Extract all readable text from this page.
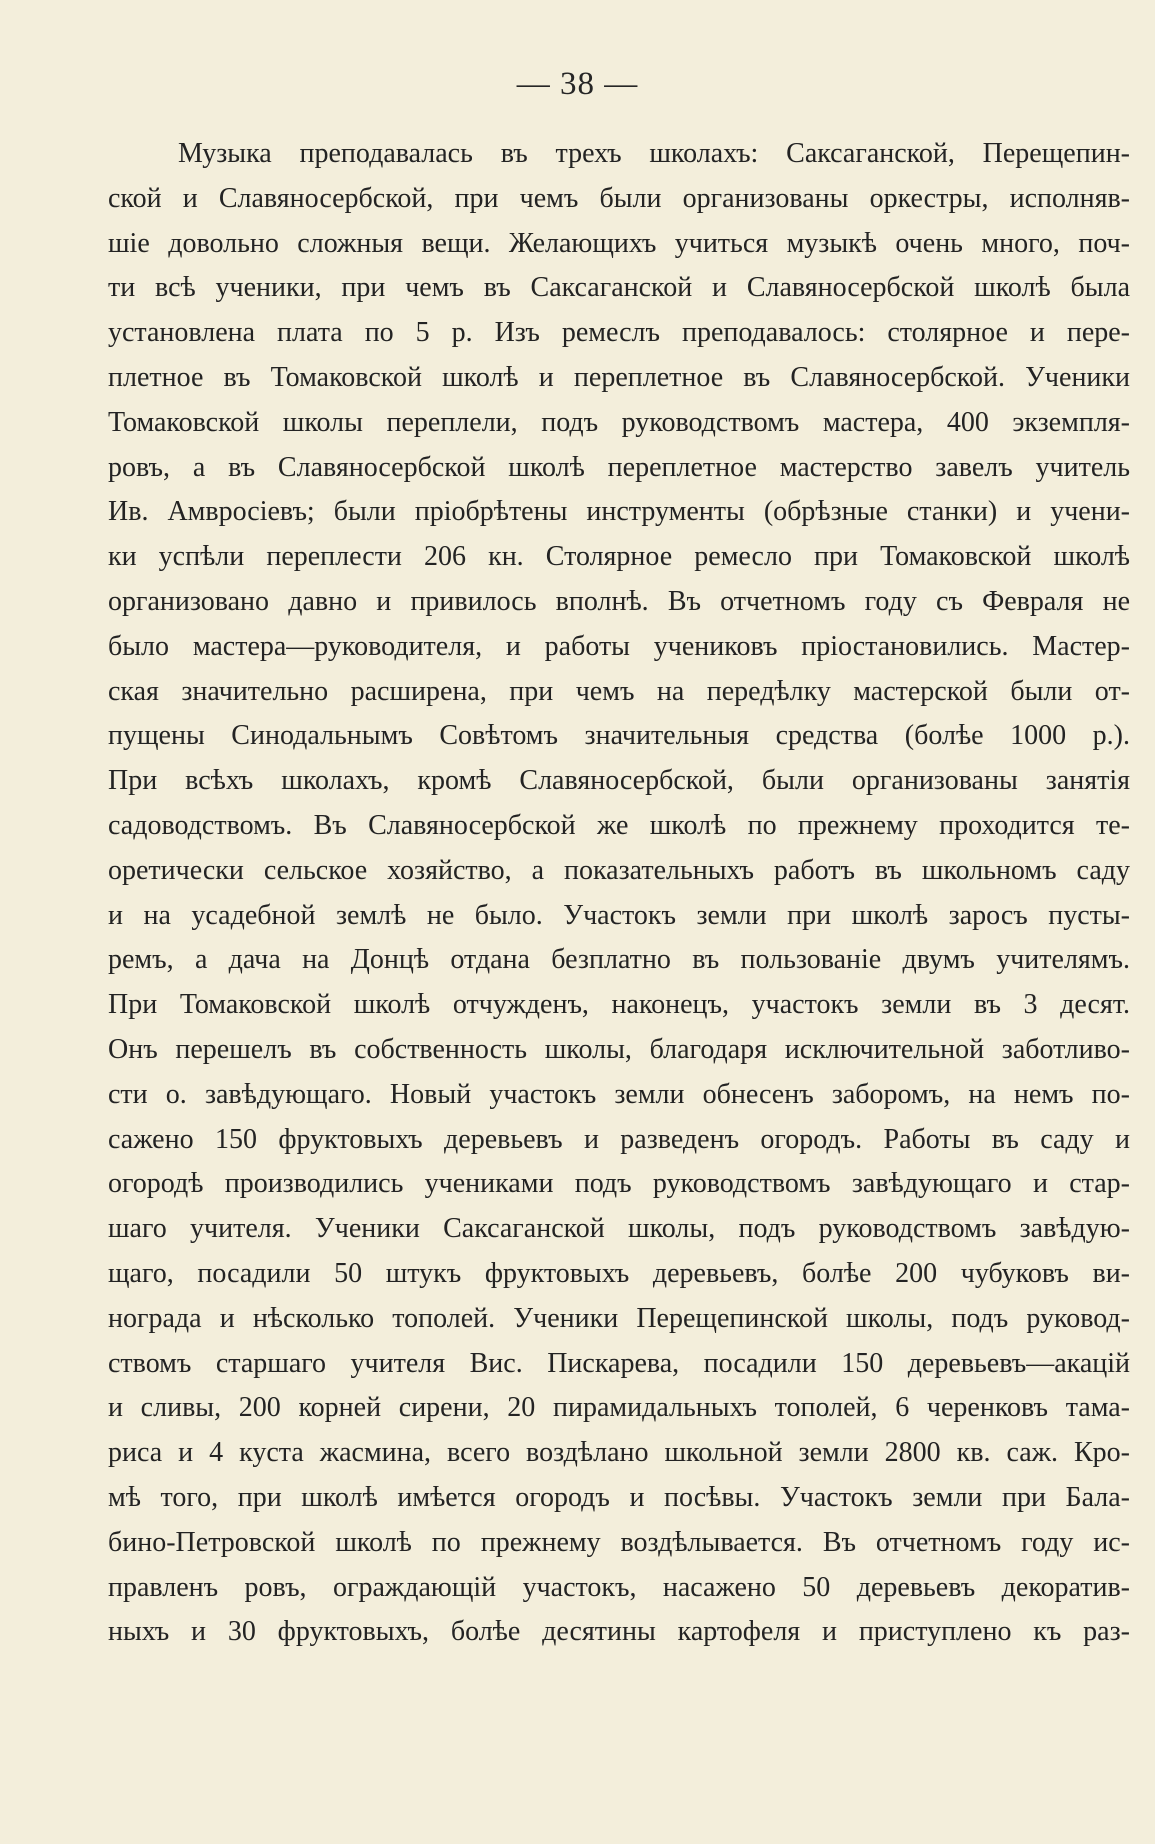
— 38 —
Музыка преподавалась въ трехъ школахъ: Саксаганской, Перещепин-
ской и Славяносербской, при чемъ были организованы оркестры, исполняв-
шіе довольно сложныя вещи. Желающихъ учиться музыкѣ очень много, поч-
ти всѣ ученики, при чемъ въ Саксаганской и Славяносербской школѣ была
установлена плата по 5 р. Изъ ремеслъ преподавалось: столярное и пере-
плетное въ Томаковской школѣ и переплетное въ Славяносербской. Ученики
Томаковской школы переплели, подъ руководствомъ мастера, 400 экземпля-
ровъ, а въ Славяносербской школѣ переплетное мастерство завелъ учитель
Ив. Амвросіевъ; были пріобрѣтены инструменты (обрѣзные станки) и учени-
ки успѣли переплести 206 кн. Столярное ремесло при Томаковской школѣ
организовано давно и привилось вполнѣ. Въ отчетномъ году съ Февраля не
было мастера—руководителя, и работы учениковъ пріостановились. Мастер-
ская значительно расширена, при чемъ на передѣлку мастерской были от-
пущены Синодальнымъ Совѣтомъ значительныя средства (болѣе 1000 р.).
При всѣхъ школахъ, кромѣ Славяносербской, были организованы занятія
садоводствомъ. Въ Славяносербской же школѣ по прежнему проходится те-
оретически сельское хозяйство, а показательныхъ работъ въ школьномъ саду
и на усадебной землѣ не было. Участокъ земли при школѣ заросъ пусты-
ремъ, а дача на Донцѣ отдана безплатно въ пользованіе двумъ учителямъ.
При Томаковской школѣ отчужденъ, наконецъ, участокъ земли въ 3 десят.
Онъ перешелъ въ собственность школы, благодаря исключительной заботливо-
сти о. завѣдующаго. Новый участокъ земли обнесенъ заборомъ, на немъ по-
сажено 150 фруктовыхъ деревьевъ и разведенъ огородъ. Работы въ саду и
огородѣ производились учениками подъ руководствомъ завѣдующаго и стар-
шаго учителя. Ученики Саксаганской школы, подъ руководствомъ завѣдую-
щаго, посадили 50 штукъ фруктовыхъ деревьевъ, болѣе 200 чубуковъ ви-
нограда и нѣсколько тополей. Ученики Перещепинской школы, подъ руковод-
ствомъ старшаго учителя Вис. Пискарева, посадили 150 деревьевъ—акацій
и сливы, 200 корней сирени, 20 пирамидальныхъ тополей, 6 черенковъ тама-
риса и 4 куста жасмина, всего воздѣлано школьной земли 2800 кв. саж. Кро-
мѣ того, при школѣ имѣется огородъ и посѣвы. Участокъ земли при Бала-
бино-Петровской школѣ по прежнему воздѣлывается. Въ отчетномъ году ис-
правленъ ровъ, ограждающій участокъ, насажено 50 деревьевъ декоратив-
ныхъ и 30 фруктовыхъ, болѣе десятины картофеля и приступлено къ раз-
